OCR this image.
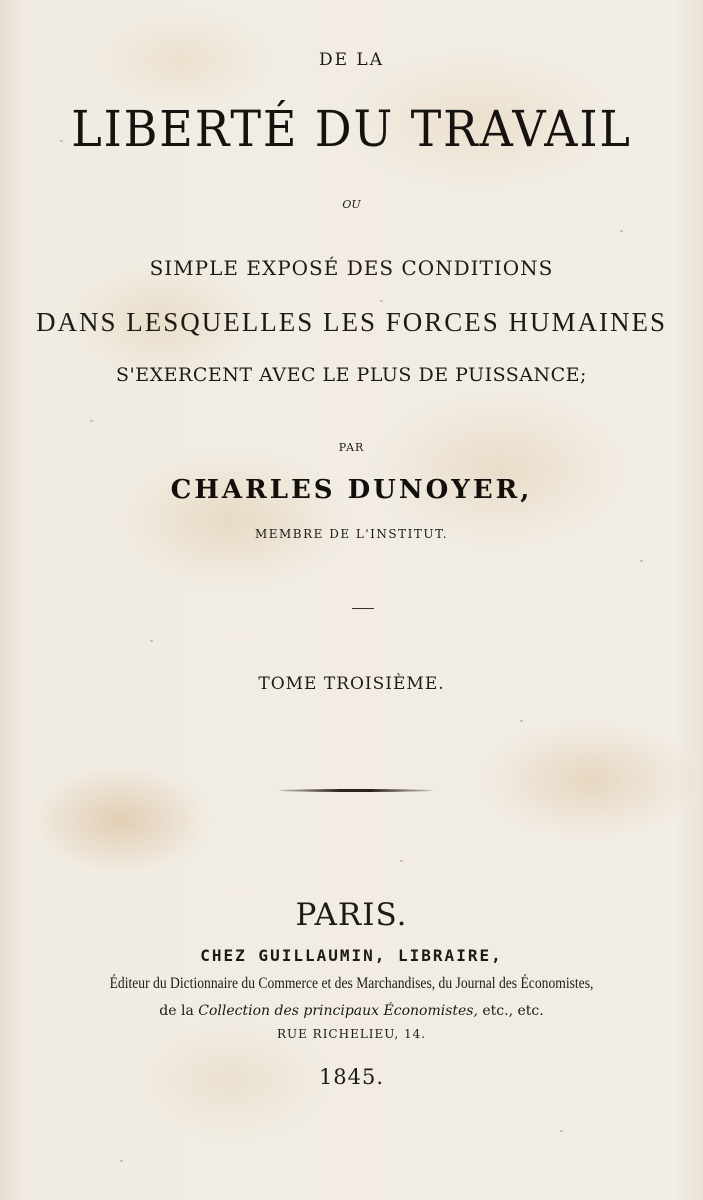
DE LA
LIBERTÉ DU TRAVAIL
OU
SIMPLE EXPOSÉ DES CONDITIONS
DANS LESQUELLES LES FORCES HUMAINES
S'EXERCENT AVEC LE PLUS DE PUISSANCE;
PAR
CHARLES DUNOYER,
MEMBRE DE L'INSTITUT.
TOME TROISIÈME.
PARIS.
CHEZ GUILLAUMIN, LIBRAIRE,
Éditeur du Dictionnaire du Commerce et des Marchandises, du Journal des Économistes,
de la Collection des principaux Économistes, etc., etc.
RUE RICHELIEU, 14.
1845.
